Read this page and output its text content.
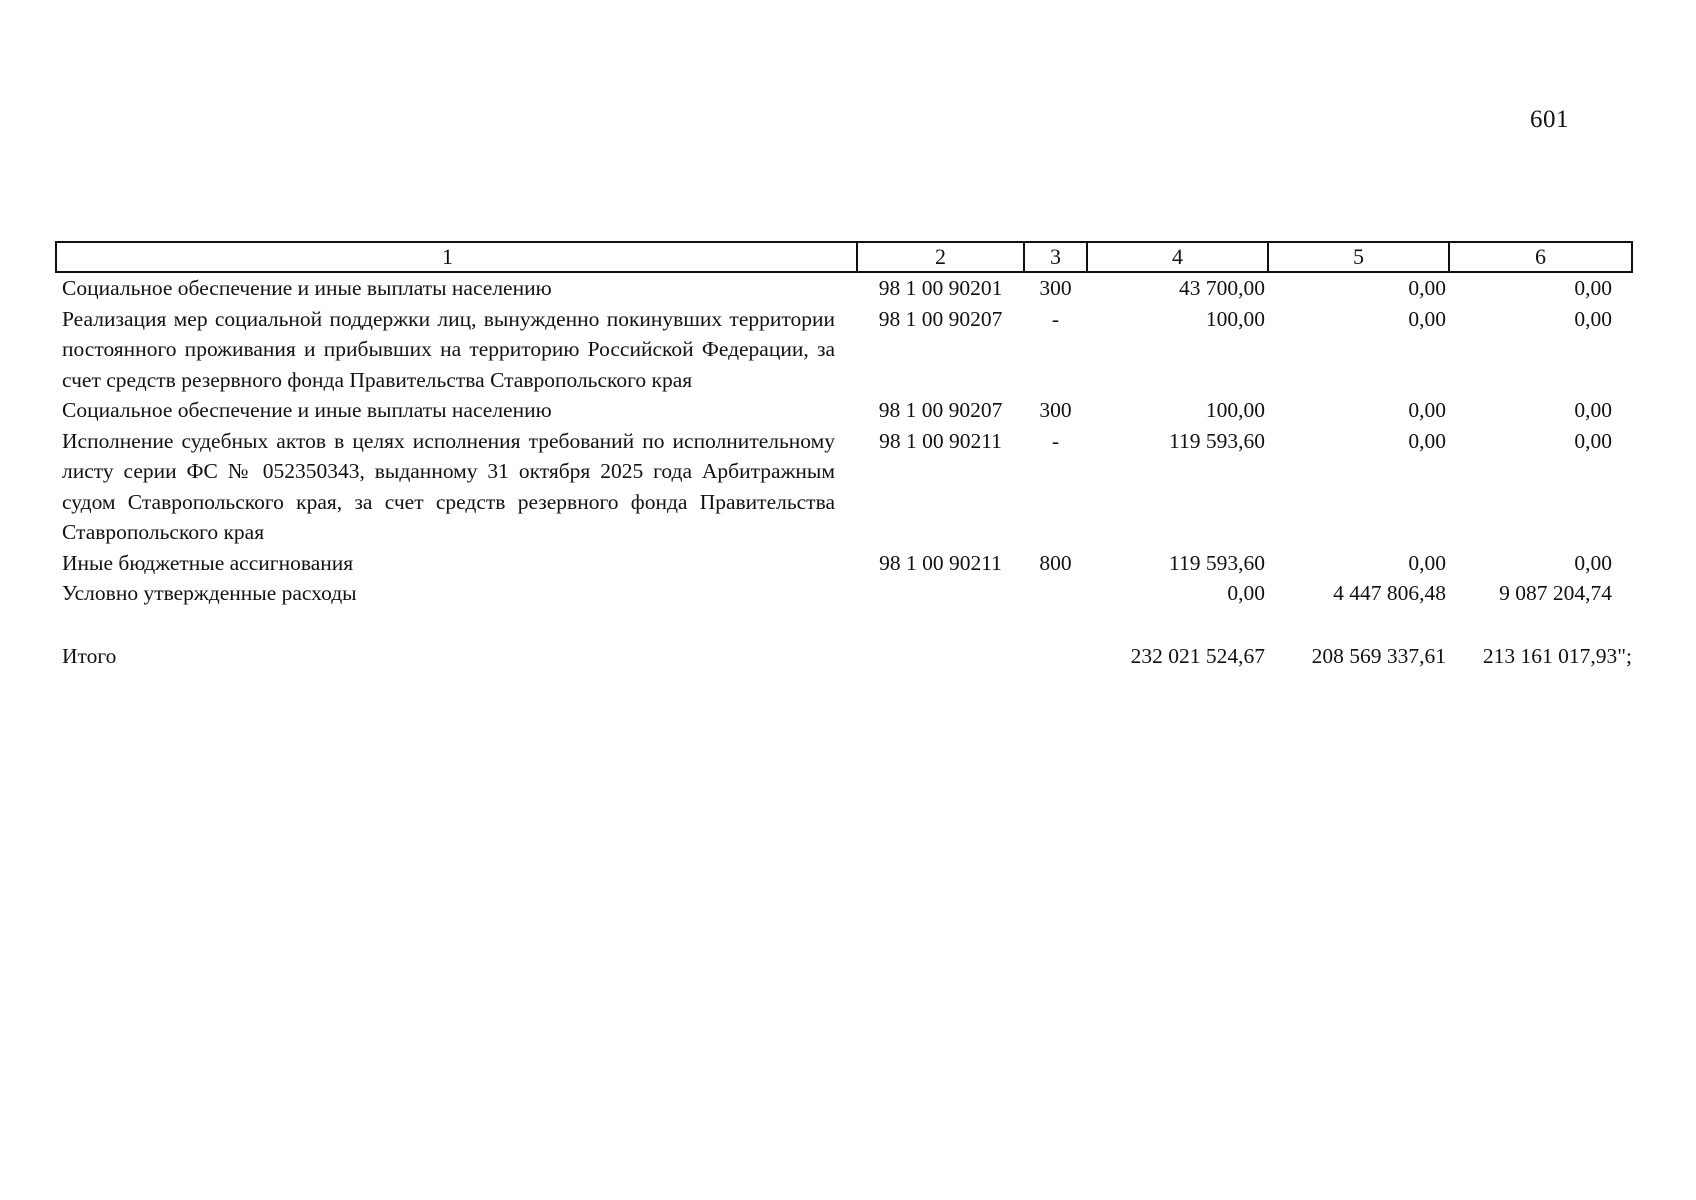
601
1	2	3	4	5	6
Социальное обеспечение и иные выплаты населению	98 1 00 90201	300	43 700,00	0,00	0,00
Реализация мер социальной поддержки лиц, вынужденно покинувших территории постоянного проживания и прибывших на территорию Российской Федерации, за счет средств резервного фонда Правительства Ставропольского края	98 1 00 90207	-	100,00	0,00	0,00
Социальное обеспечение и иные выплаты населению	98 1 00 90207	300	100,00	0,00	0,00
Исполнение судебных актов в целях исполнения требований по исполнительному листу серии ФС № 052350343, выданному 31 октября 2025 года Арбитражным судом Ставропольского края, за счет средств резервного фонда Правительства Ставропольского края	98 1 00 90211	-	119 593,60	0,00	0,00
Иные бюджетные ассигнования	98 1 00 90211	800	119 593,60	0,00	0,00
Условно утвержденные расходы			0,00	4 447 806,48	9 087 204,74

Итого			232 021 524,67	208 569 337,61	213 161 017,93";
